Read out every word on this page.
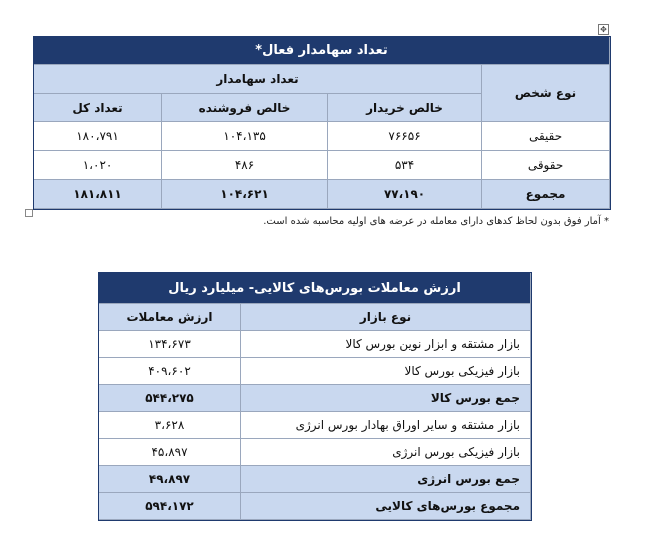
✥
تعداد سهامدار فعال*			
نوع شخص	تعداد سهامدار		
	خالص خریدار	خالص فروشنده	تعداد کل
حقیقی	۷۶۶۵۶	۱۰۴،۱۳۵	۱۸۰،۷۹۱
حقوقی	۵۳۴	۴۸۶	۱،۰۲۰
مجموع	۷۷،۱۹۰	۱۰۴،۶۲۱	۱۸۱،۸۱۱
* آمار فوق بدون لحاظ کدهای دارای معامله در عرضه های اولیه محاسبه شده است.
ارزش معاملات بورس‌های کالایی- میلیارد ریال	
نوع بازار	ارزش معاملات
بازار مشتقه و ابزار نوین بورس کالا	۱۳۴،۶۷۳
بازار فیزیکی بورس کالا	۴۰۹،۶۰۲
جمع بورس کالا	۵۴۴،۲۷۵
بازار مشتقه و سایر اوراق بهادار بورس انرژی	۳،۶۲۸
بازار فیزیکی بورس انرژی	۴۵،۸۹۷
جمع بورس انرژی	۴۹،۸۹۷
مجموع بورس‌های کالایی	۵۹۴،۱۷۲
